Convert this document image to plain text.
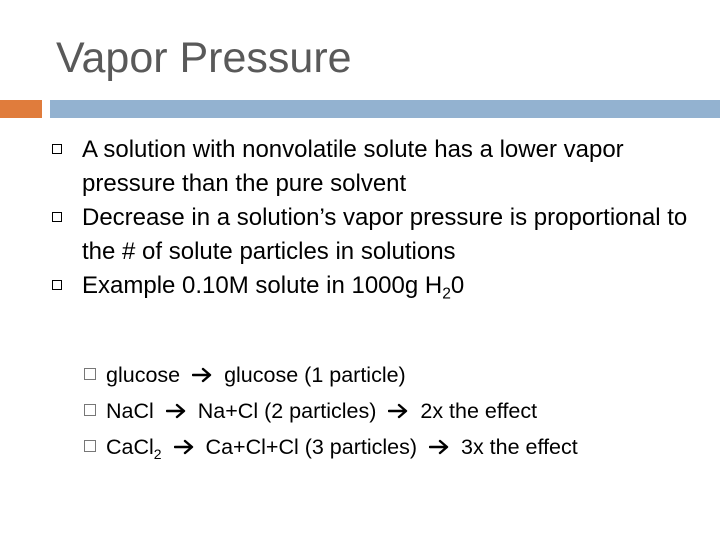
Vapor Pressure
A solution with nonvolatile solute has a lower vapor pressure than the pure solvent
Decrease in a solution’s vapor pressure is proportional to the # of solute particles in solutions
Example 0.10M solute in 1000g $H_20$
glucose glucose (1 particle)
NaCl Na+Cl (2 particles) 2x the effect
CaCl$_2$ Ca+Cl+Cl (3 particles) 3x the effect
